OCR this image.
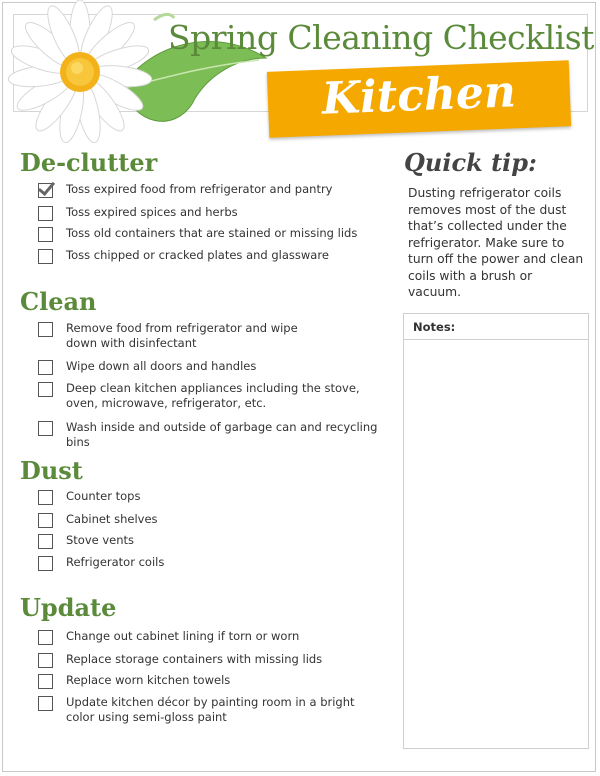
Spring Cleaning Checklist
Kitchen
De-clutter
Toss expired food from refrigerator and pantry
Toss expired spices and herbs
Toss old containers that are stained or missing lids
Toss chipped or cracked plates and glassware
Clean
Remove food from refrigerator and wipe down with disinfectant
Wipe down all doors and handles
Deep clean kitchen appliances including the stove, oven, microwave, refrigerator, etc.
Wash inside and outside of garbage can and recycling bins
Dust
Counter tops
Cabinet shelves
Stove vents
Refrigerator coils
Update
Change out cabinet lining if torn or worn
Replace storage containers with missing lids
Replace worn kitchen towels
Update kitchen décor by painting room in a bright color using semi-gloss paint
Quick tip:

Dusting refrigerator coils removes most of the dust that’s collected under the refrigerator. Make sure to turn off the power and clean coils with a brush or vacuum.

Notes:
